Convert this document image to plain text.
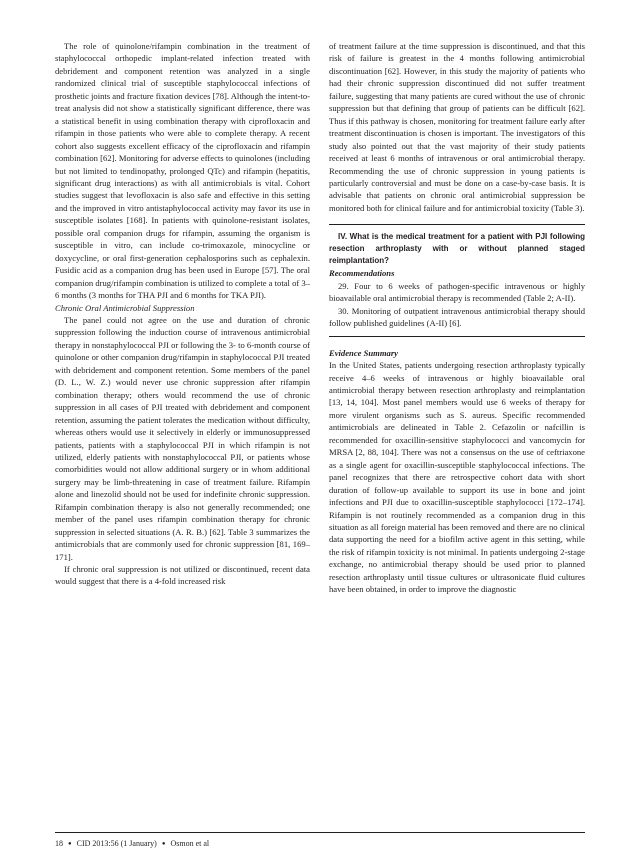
The role of quinolone/rifampin combination in the treatment of staphylococcal orthopedic implant-related infection treated with debridement and component retention was analyzed in a single randomized clinical trial of susceptible staphylococcal infections of prosthetic joints and fracture fixation devices [78]. Although the intent-to-treat analysis did not show a statistically significant difference, there was a statistical benefit in using combination therapy with ciprofloxacin and rifampin in those patients who were able to complete therapy. A recent cohort also suggests excellent efficacy of the ciprofloxacin and rifampin combination [62]. Monitoring for adverse effects to quinolones (including but not limited to tendinopathy, prolonged QTc) and rifampin (hepatitis, significant drug interactions) as with all antimicrobials is vital. Cohort studies suggest that levofloxacin is also safe and effective in this setting and the improved in vitro antistaphylococcal activity may favor its use in susceptible isolates [168]. In patients with quinolone-resistant isolates, possible oral companion drugs for rifampin, assuming the organism is susceptible in vitro, can include co-trimoxazole, minocycline or doxycycline, or oral first-generation cephalosporins such as cephalexin. Fusidic acid as a companion drug has been used in Europe [57]. The oral companion drug/rifampin combination is utilized to complete a total of 3–6 months (3 months for THA PJI and 6 months for TKA PJI).

Chronic Oral Antimicrobial Suppression

The panel could not agree on the use and duration of chronic suppression following the induction course of intravenous antimicrobial therapy in nonstaphylococcal PJI or following the 3- to 6-month course of quinolone or other companion drug/rifampin in staphylococcal PJI treated with debridement and component retention. Some members of the panel (D. L., W. Z.) would never use chronic suppression after rifampin combination therapy; others would recommend the use of chronic suppression in all cases of PJI treated with debridement and component retention, assuming the patient tolerates the medication without difficulty, whereas others would use it selectively in elderly or immunosuppressed patients, patients with a staphylococcal PJI in which rifampin is not utilized, elderly patients with nonstaphylococcal PJI, or patients whose comorbidities would not allow additional surgery or in whom additional surgery may be limb-threatening in case of treatment failure. Rifampin alone and linezolid should not be used for indefinite chronic suppression. Rifampin combination therapy is also not generally recommended; one member of the panel uses rifampin combination therapy for chronic suppression in selected situations (A. R. B.) [62]. Table 3 summarizes the antimicrobials that are commonly used for chronic suppression [81, 169–171].

If chronic oral suppression is not utilized or discontinued, recent data would suggest that there is a 4-fold increased risk

of treatment failure at the time suppression is discontinued, and that this risk of failure is greatest in the 4 months following antimicrobial discontinuation [62]. However, in this study the majority of patients who had their chronic suppression discontinued did not suffer treatment failure, suggesting that many patients are cured without the use of chronic suppression but that defining that group of patients can be difficult [62]. Thus if this pathway is chosen, monitoring for treatment failure early after treatment discontinuation is chosen is important. The investigators of this study also pointed out that the vast majority of their study patients received at least 6 months of intravenous or oral antimicrobial therapy. Recommending the use of chronic suppression in young patients is particularly controversial and must be done on a case-by-case basis. It is advisable that patients on chronic oral antimicrobial suppression be monitored both for clinical failure and for antimicrobial toxicity (Table 3).

IV. What is the medical treatment for a patient with PJI following resection arthroplasty with or without planned staged reimplantation?

Recommendations

29. Four to 6 weeks of pathogen-specific intravenous or highly bioavailable oral antimicrobial therapy is recommended (Table 2; A-II).

30. Monitoring of outpatient intravenous antimicrobial therapy should follow published guidelines (A-II) [6].

Evidence Summary

In the United States, patients undergoing resection arthroplasty typically receive 4–6 weeks of intravenous or highly bioavailable oral antimicrobial therapy between resection arthroplasty and reimplantation [13, 14, 104]. Most panel members would use 6 weeks of therapy for more virulent organisms such as S. aureus. Specific recommended antimicrobials are delineated in Table 2. Cefazolin or nafcillin is recommended for oxacillin-sensitive staphylococci and vancomycin for MRSA [2, 88, 104]. There was not a consensus on the use of ceftriaxone as a single agent for oxacillin-susceptible staphylococcal infections. The panel recognizes that there are retrospective cohort data with short duration of follow-up available to support its use in bone and joint infections and PJI due to oxacillin-susceptible staphylococci [172–174]. Rifampin is not routinely recommended as a companion drug in this situation as all foreign material has been removed and there are no clinical data supporting the need for a biofilm active agent in this setting, while the risk of rifampin toxicity is not minimal. In patients undergoing 2-stage exchange, no antimicrobial therapy should be used prior to planned resection arthroplasty until tissue cultures or ultrasonicate fluid cultures have been obtained, in order to improve the diagnostic

18 ● CID 2013:56 (1 January) ● Osmon et al
